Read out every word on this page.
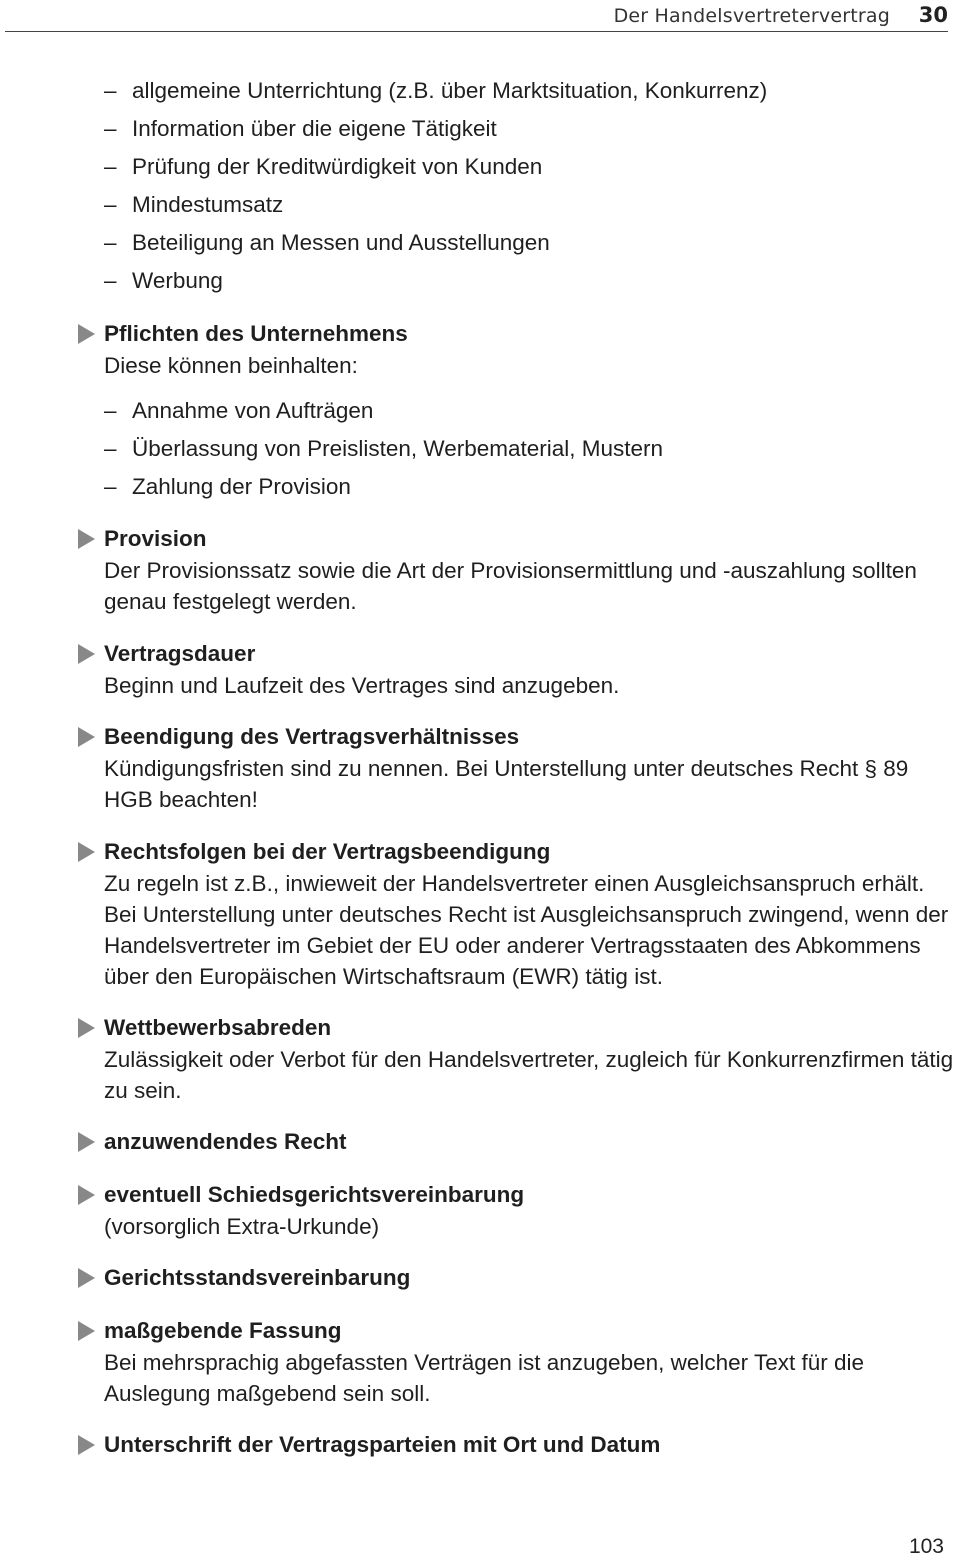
Der Handelsvertretervertrag 30
– allgemeine Unterrichtung (z.B. über Marktsituation, Konkurrenz)
– Information über die eigene Tätigkeit
– Prüfung der Kreditwürdigkeit von Kunden
– Mindestumsatz
– Beteiligung an Messen und Ausstellungen
– Werbung
Pflichten des Unternehmens
Diese können beinhalten:
– Annahme von Aufträgen
– Überlassung von Preislisten, Werbematerial, Mustern
– Zahlung der Provision
Provision
Der Provisionssatz sowie die Art der Provisionsermittlung und -auszahlung sollten genau festgelegt werden.
Vertragsdauer
Beginn und Laufzeit des Vertrages sind anzugeben.
Beendigung des Vertragsverhältnisses
Kündigungsfristen sind zu nennen. Bei Unterstellung unter deutsches Recht § 89 HGB beachten!
Rechtsfolgen bei der Vertragsbeendigung
Zu regeln ist z.B., inwieweit der Handelsvertreter einen Ausgleichsanspruch erhält. Bei Unterstellung unter deutsches Recht ist Ausgleichsanspruch zwingend, wenn der Handelsvertreter im Gebiet der EU oder anderer Vertragsstaaten des Abkommens über den Europäischen Wirtschaftsraum (EWR) tätig ist.
Wettbewerbsabreden
Zulässigkeit oder Verbot für den Handelsvertreter, zugleich für Konkurrenzfirmen tätig zu sein.
anzuwendendes Recht
eventuell Schiedsgerichtsvereinbarung
(vorsorglich Extra-Urkunde)
Gerichtsstandsvereinbarung
maßgebende Fassung
Bei mehrsprachig abgefassten Verträgen ist anzugeben, welcher Text für die Auslegung maßgebend sein soll.
Unterschrift der Vertragsparteien mit Ort und Datum
103
